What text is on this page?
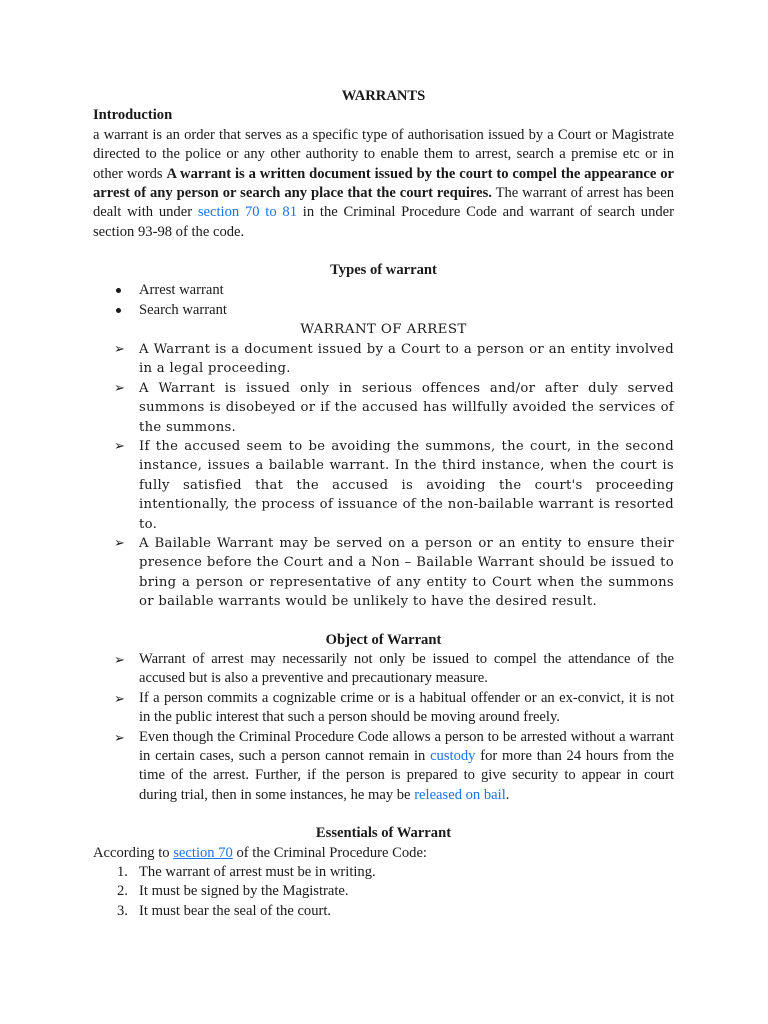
WARRANTS

Introduction

a warrant is an order that serves as a specific type of authorisation issued by a Court or Magistrate directed to the police or any other authority to enable them to arrest, search a premise etc or in other words A warrant is a written document issued by the court to compel the appearance or arrest of any person or search any place that the court requires. The warrant of arrest has been dealt with under section 70 to 81 in the Criminal Procedure Code and warrant of search under section 93-98 of the code.

Types of warrant

Arrest warrant
Search warrant

WARRANT OF ARREST

➢ A Warrant is a document issued by a Court to a person or an entity involved in a legal proceeding.
➢ A Warrant is issued only in serious offences and/or after duly served summons is disobeyed or if the accused has willfully avoided the services of the summons.
➢ If the accused seem to be avoiding the summons, the court, in the second instance, issues a bailable warrant. In the third instance, when the court is fully satisfied that the accused is avoiding the court's proceeding intentionally, the process of issuance of the non-bailable warrant is resorted to.
➢ A Bailable Warrant may be served on a person or an entity to ensure their presence before the Court and a Non – Bailable Warrant should be issued to bring a person or representative of any entity to Court when the summons or bailable warrants would be unlikely to have the desired result.

Object of Warrant

➢ Warrant of arrest may necessarily not only be issued to compel the attendance of the accused but is also a preventive and precautionary measure.
➢ If a person commits a cognizable crime or is a habitual offender or an ex-convict, it is not in the public interest that such a person should be moving around freely.
➢ Even though the Criminal Procedure Code allows a person to be arrested without a warrant in certain cases, such a person cannot remain in custody for more than 24 hours from the time of the arrest. Further, if the person is prepared to give security to appear in court during trial, then in some instances, he may be released on bail.

Essentials of Warrant

According to section 70 of the Criminal Procedure Code:

1. The warrant of arrest must be in writing.
2. It must be signed by the Magistrate.
3. It must bear the seal of the court.
